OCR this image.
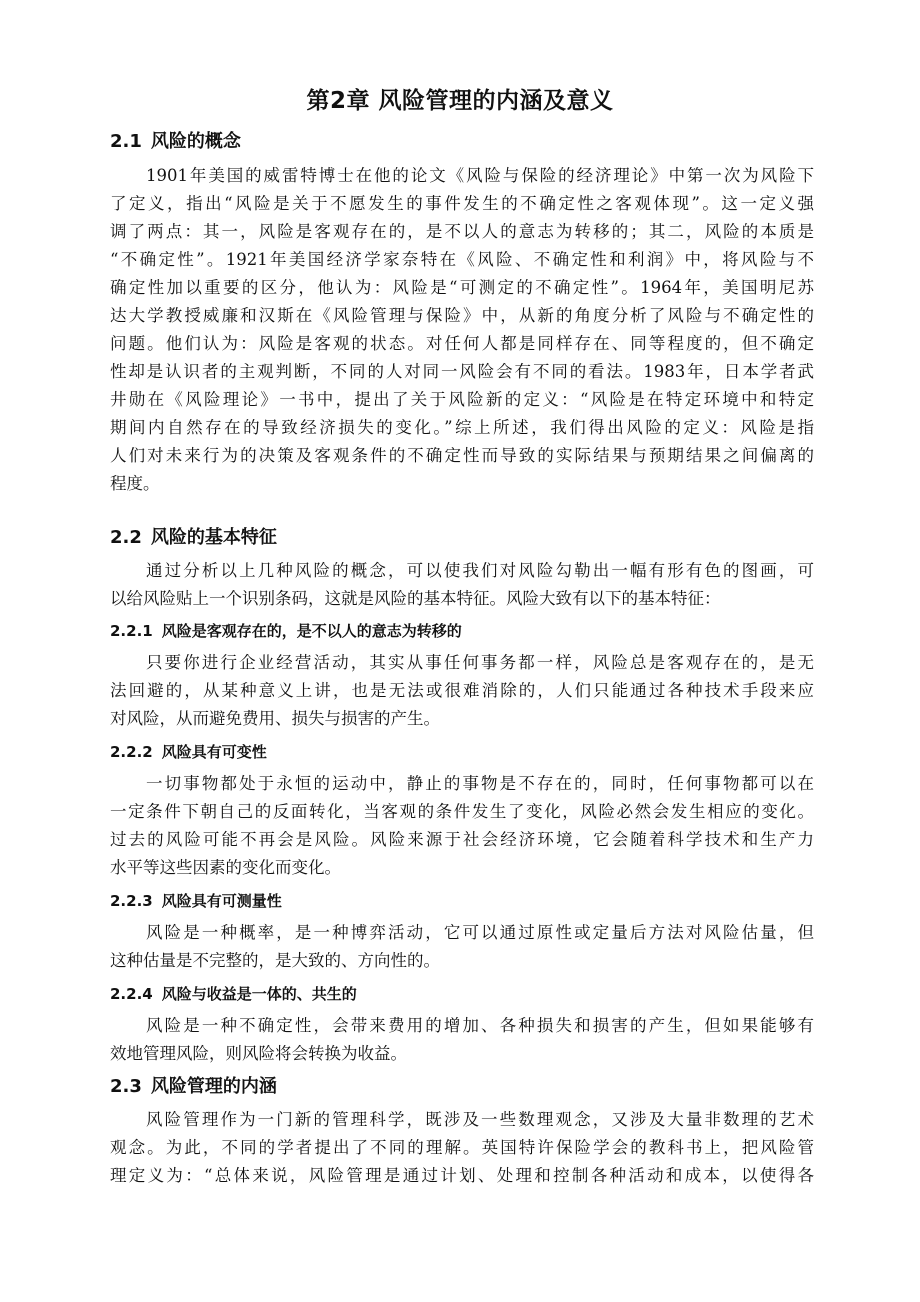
第2章 风险管理的内涵及意义
2.1 风险的概念
1901年美国的威雷特博士在他的论文《风险与保险的经济理论》中第一次为风险下
了定义，指出“风险是关于不愿发生的事件发生的不确定性之客观体现”。这一定义强
调了两点：其一，风险是客观存在的，是不以人的意志为转移的；其二，风险的本质是
“不确定性”。1921年美国经济学家奈特在《风险、不确定性和利润》中，将风险与不
确定性加以重要的区分，他认为：风险是“可测定的不确定性”。1964年，美国明尼苏
达大学教授威廉和汉斯在《风险管理与保险》中，从新的角度分析了风险与不确定性的
问题。他们认为：风险是客观的状态。对任何人都是同样存在、同等程度的，但不确定
性却是认识者的主观判断，不同的人对同一风险会有不同的看法。1983年，日本学者武
井勋在《风险理论》一书中，提出了关于风险新的定义：“风险是在特定环境中和特定
期间内自然存在的导致经济损失的变化。”综上所述，我们得出风险的定义：风险是指
人们对未来行为的决策及客观条件的不确定性而导致的实际结果与预期结果之间偏离的
程度。
2.2 风险的基本特征
通过分析以上几种风险的概念，可以使我们对风险勾勒出一幅有形有色的图画，可
以给风险贴上一个识别条码，这就是风险的基本特征。风险大致有以下的基本特征：
2.2.1 风险是客观存在的，是不以人的意志为转移的
只要你进行企业经营活动，其实从事任何事务都一样，风险总是客观存在的，是无
法回避的，从某种意义上讲，也是无法或很难消除的，人们只能通过各种技术手段来应
对风险，从而避免费用、损失与损害的产生。
2.2.2 风险具有可变性
一切事物都处于永恒的运动中，静止的事物是不存在的，同时，任何事物都可以在
一定条件下朝自己的反面转化，当客观的条件发生了变化，风险必然会发生相应的变化。
过去的风险可能不再会是风险。风险来源于社会经济环境，它会随着科学技术和生产力
水平等这些因素的变化而变化。
2.2.3 风险具有可测量性
风险是一种概率，是一种博弈活动，它可以通过原性或定量后方法对风险估量，但
这种估量是不完整的，是大致的、方向性的。
2.2.4 风险与收益是一体的、共生的
风险是一种不确定性，会带来费用的增加、各种损失和损害的产生，但如果能够有
效地管理风险，则风险将会转换为收益。
2.3 风险管理的内涵
风险管理作为一门新的管理科学，既涉及一些数理观念，又涉及大量非数理的艺术
观念。为此，不同的学者提出了不同的理解。英国特许保险学会的教科书上，把风险管
理定义为：“总体来说，风险管理是通过计划、处理和控制各种活动和成本，以使得各
